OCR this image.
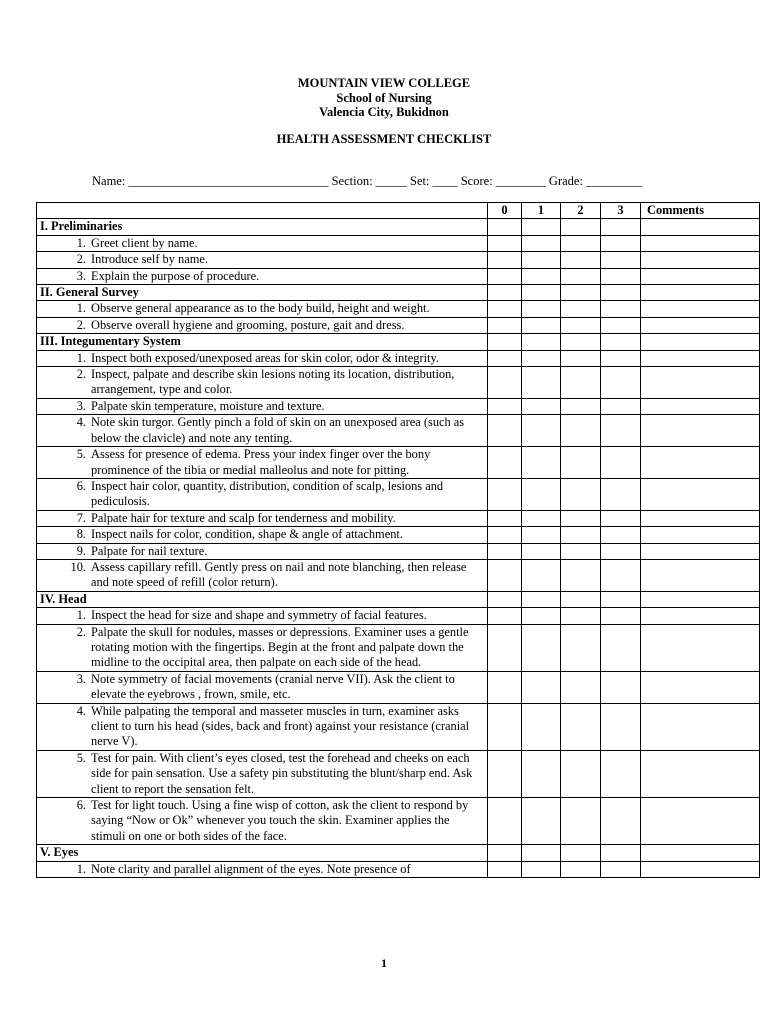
MOUNTAIN VIEW COLLEGE
School of Nursing
Valencia City, Bukidnon
HEALTH ASSESSMENT CHECKLIST
Name: ________________________________ Section: _____ Set: ____ Score: ________ Grade: _________
	0	1	2	3	Comments
I. Preliminaries					

1. Greet client by name.					

2. Introduce self by name.					

3. Explain the purpose of procedure.					

II. General Survey					

1. Observe general appearance as to the body build, height and weight.					

2. Observe overall hygiene and grooming, posture, gait and dress.					

III. Integumentary System					

1. Inspect both exposed/unexposed areas for skin color, odor & integrity.					

2. Inspect, palpate and describe skin lesions noting its location, distribution, arrangement, type and color.					

3. Palpate skin temperature, moisture and texture.					

4. Note skin turgor. Gently pinch a fold of skin on an unexposed area (such as below the clavicle) and note any tenting.					

5. Assess for presence of edema. Press your index finger over the bony prominence of the tibia or medial malleolus and note for pitting.					

6. Inspect hair color, quantity, distribution, condition of scalp, lesions and pediculosis.					

7. Palpate hair for texture and scalp for tenderness and mobility.					

8. Inspect nails for color, condition, shape & angle of attachment.					

9. Palpate for nail texture.					

10. Assess capillary refill. Gently press on nail and note blanching, then release and note speed of refill (color return).					

IV. Head					

1. Inspect the head for size and shape and symmetry of facial features.					

2. Palpate the skull for nodules, masses or depressions. Examiner uses a gentle rotating motion with the fingertips. Begin at the front and palpate down the midline to the occipital area, then palpate on each side of the head.					

3. Note symmetry of facial movements (cranial nerve VII). Ask the client to elevate the eyebrows , frown, smile, etc.					

4. While palpating the temporal and masseter muscles in turn, examiner asks client to turn his head (sides, back and front) against your resistance (cranial nerve V).					

5. Test for pain. With client’s eyes closed, test the forehead and cheeks on each side for pain sensation. Use a safety pin substituting the blunt/sharp end. Ask client to report the sensation felt.					

6. Test for light touch. Using a fine wisp of cotton, ask the client to respond by saying “Now or Ok” whenever you touch the skin. Examiner applies the stimuli on one or both sides of the face.					

V. Eyes					

1. Note clarity and parallel alignment of the eyes. Note presence of					

1
